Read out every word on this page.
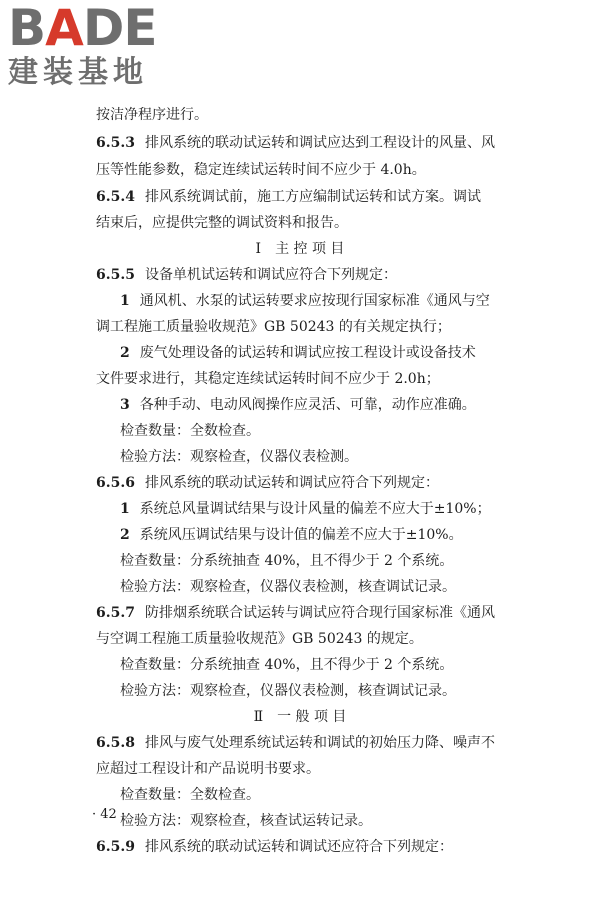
BADE
建装基地
按洁净程序进行。
6.5.3 排风系统的联动试运转和调试应达到工程设计的风量、风
压等性能参数，稳定连续试运转时间不应少于 4.0h。
6.5.4 排风系统调试前，施工方应编制试运转和试方案。调试
结束后，应提供完整的调试资料和报告。
Ⅰ 主 控 项 目
6.5.5 设备单机试运转和调试应符合下列规定：
1 通风机、水泵的试运转要求应按现行国家标准《通风与空
调工程施工质量验收规范》GB 50243 的有关规定执行；
2 废气处理设备的试运转和调试应按工程设计或设备技术
文件要求进行，其稳定连续试运转时间不应少于 2.0h；
3 各种手动、电动风阀操作应灵活、可靠，动作应准确。
检查数量：全数检查。
检验方法：观察检查，仪器仪表检测。
6.5.6 排风系统的联动试运转和调试应符合下列规定：
1 系统总风量调试结果与设计风量的偏差不应大于±10%；
2 系统风压调试结果与设计值的偏差不应大于±10%。
检查数量：分系统抽查 40%，且不得少于 2 个系统。
检验方法：观察检查，仪器仪表检测，核查调试记录。
6.5.7 防排烟系统联合试运转与调试应符合现行国家标准《通风
与空调工程施工质量验收规范》GB 50243 的规定。
检查数量：分系统抽查 40%，且不得少于 2 个系统。
检验方法：观察检查，仪器仪表检测，核查调试记录。
Ⅱ 一 般 项 目
6.5.8 排风与废气处理系统试运转和调试的初始压力降、噪声不
应超过工程设计和产品说明书要求。
检查数量：全数检查。
检验方法：观察检查，核查试运转记录。
6.5.9 排风系统的联动试运转和调试还应符合下列规定：
· 42 ·
